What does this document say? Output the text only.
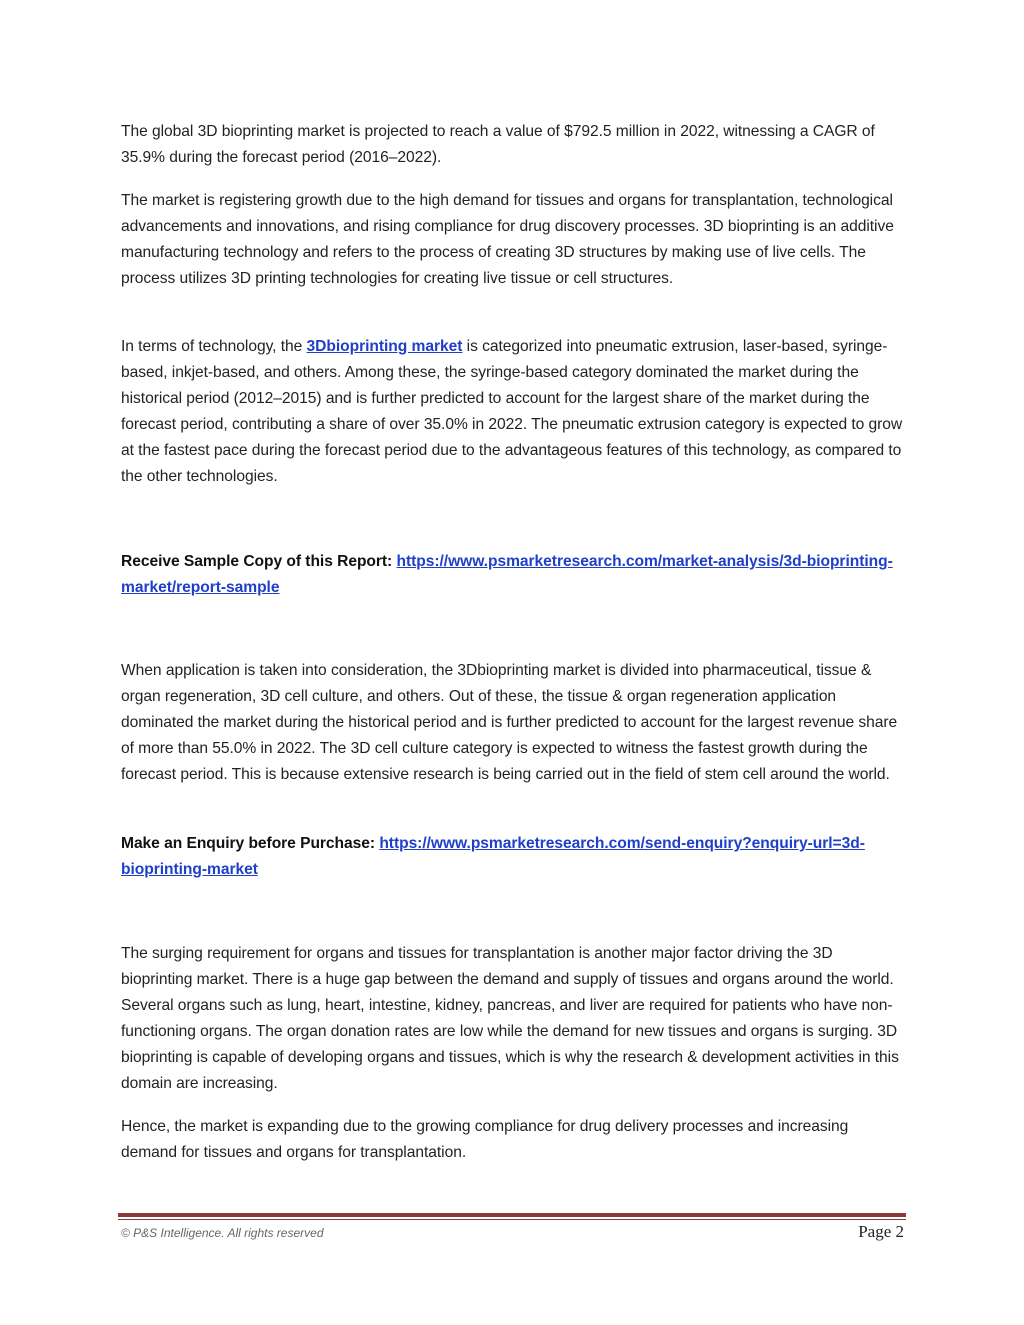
The global 3D bioprinting market is projected to reach a value of $792.5 million in 2022, witnessing a CAGR of 35.9% during the forecast period (2016–2022).

The market is registering growth due to the high demand for tissues and organs for transplantation, technological advancements and innovations, and rising compliance for drug discovery processes. 3D bioprinting is an additive manufacturing technology and refers to the process of creating 3D structures by making use of live cells. The process utilizes 3D printing technologies for creating live tissue or cell structures.

In terms of technology, the 3Dbioprinting market is categorized into pneumatic extrusion, laser-based, syringe-based, inkjet-based, and others. Among these, the syringe-based category dominated the market during the historical period (2012–2015) and is further predicted to account for the largest share of the market during the forecast period, contributing a share of over 35.0% in 2022. The pneumatic extrusion category is expected to grow at the fastest pace during the forecast period due to the advantageous features of this technology, as compared to the other technologies.

Receive Sample Copy of this Report: https://www.psmarketresearch.com/market-analysis/3d-bioprinting-market/report-sample

When application is taken into consideration, the 3Dbioprinting market is divided into pharmaceutical, tissue & organ regeneration, 3D cell culture, and others. Out of these, the tissue & organ regeneration application dominated the market during the historical period and is further predicted to account for the largest revenue share of more than 55.0% in 2022. The 3D cell culture category is expected to witness the fastest growth during the forecast period. This is because extensive research is being carried out in the field of stem cell around the world.

Make an Enquiry before Purchase: https://www.psmarketresearch.com/send-enquiry?enquiry-url=3d-bioprinting-market

The surging requirement for organs and tissues for transplantation is another major factor driving the 3D bioprinting market. There is a huge gap between the demand and supply of tissues and organs around the world. Several organs such as lung, heart, intestine, kidney, pancreas, and liver are required for patients who have non-functioning organs. The organ donation rates are low while the demand for new tissues and organs is surging. 3D bioprinting is capable of developing organs and tissues, which is why the research & development activities in this domain are increasing.

Hence, the market is expanding due to the growing compliance for drug delivery processes and increasing demand for tissues and organs for transplantation.

© P&S Intelligence. All rights reserved	Page 2
